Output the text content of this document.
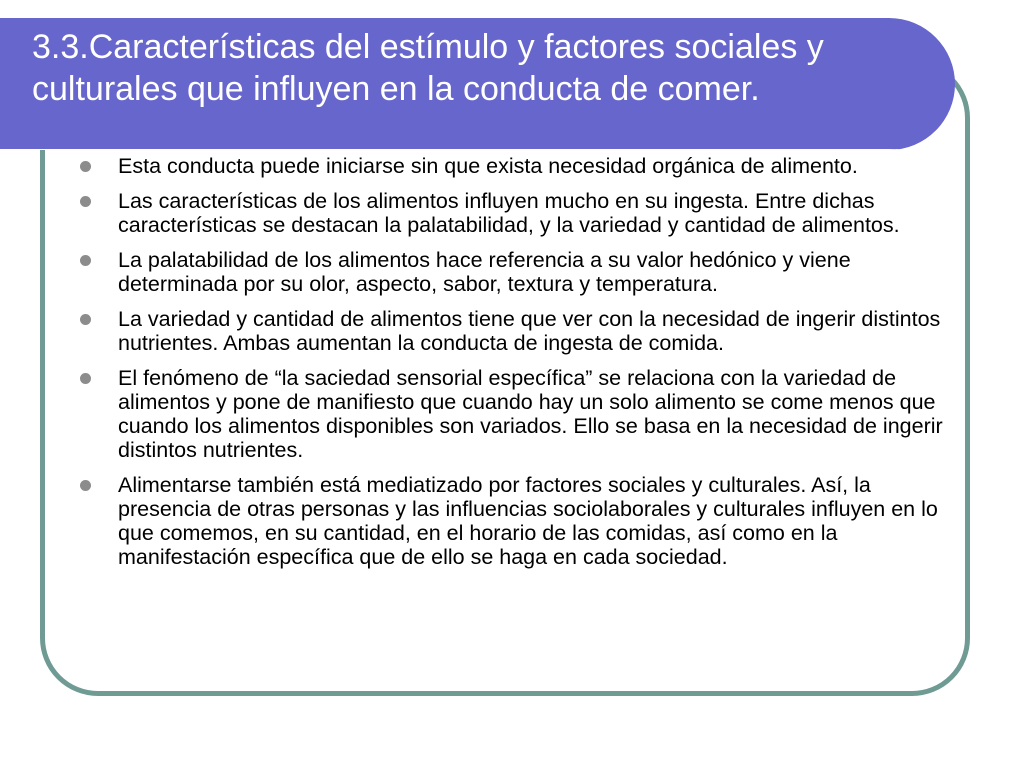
3.3.Características del estímulo y factores sociales y culturales que influyen en la conducta de comer.
Esta conducta puede iniciarse sin que exista necesidad orgánica de alimento.
Las características de los alimentos influyen mucho en su ingesta. Entre dichas características se destacan la palatabilidad, y la variedad y cantidad de alimentos.
La palatabilidad de los alimentos hace referencia a su valor hedónico y viene determinada por su olor, aspecto, sabor, textura y temperatura.
La variedad y cantidad de alimentos tiene que ver con la necesidad de ingerir distintos nutrientes. Ambas aumentan la conducta de ingesta de comida.
El fenómeno de “la saciedad sensorial específica” se relaciona con la variedad de alimentos y pone de manifiesto que cuando hay un solo alimento se come menos que cuando los alimentos disponibles son variados. Ello se basa en la necesidad de ingerir distintos nutrientes.
Alimentarse también está mediatizado por factores sociales y culturales. Así, la presencia de otras personas y las influencias sociolaborales y culturales influyen en lo que comemos, en su cantidad, en el horario de las comidas, así como en la manifestación específica que de ello se haga en cada sociedad.
